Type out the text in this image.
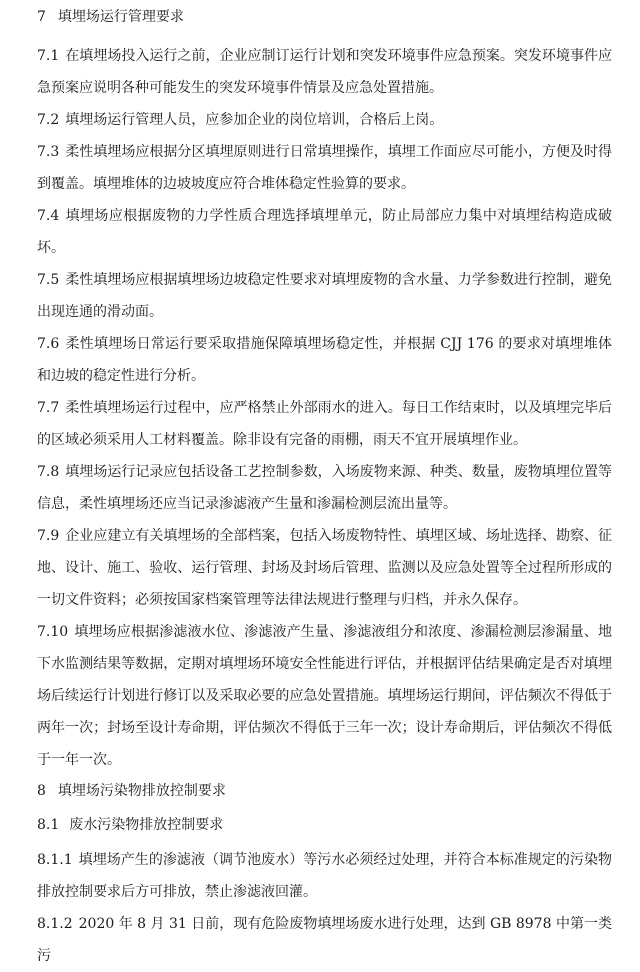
7 填埋场运行管理要求

7.1 在填埋场投入运行之前，企业应制订运行计划和突发环境事件应急预案。突发环境事件应急预案应说明各种可能发生的突发环境事件情景及应急处置措施。

7.2 填埋场运行管理人员，应参加企业的岗位培训，合格后上岗。

7.3 柔性填埋场应根据分区填埋原则进行日常填埋操作，填埋工作面应尽可能小，方便及时得到覆盖。填埋堆体的边坡坡度应符合堆体稳定性验算的要求。

7.4 填埋场应根据废物的力学性质合理选择填埋单元，防止局部应力集中对填埋结构造成破坏。

7.5 柔性填埋场应根据填埋场边坡稳定性要求对填埋废物的含水量、力学参数进行控制，避免出现连通的滑动面。

7.6 柔性填埋场日常运行要采取措施保障填埋场稳定性，并根据 CJJ 176 的要求对填埋堆体和边坡的稳定性进行分析。

7.7 柔性填埋场运行过程中，应严格禁止外部雨水的进入。每日工作结束时，以及填埋完毕后的区域必须采用人工材料覆盖。除非设有完备的雨棚，雨天不宜开展填埋作业。

7.8 填埋场运行记录应包括设备工艺控制参数，入场废物来源、种类、数量，废物填埋位置等信息，柔性填埋场还应当记录渗滤液产生量和渗漏检测层流出量等。

7.9 企业应建立有关填埋场的全部档案，包括入场废物特性、填埋区域、场址选择、勘察、征地、设计、施工、验收、运行管理、封场及封场后管理、监测以及应急处置等全过程所形成的一切文件资料；必须按国家档案管理等法律法规进行整理与归档，并永久保存。

7.10 填埋场应根据渗滤液水位、渗滤液产生量、渗滤液组分和浓度、渗漏检测层渗漏量、地下水监测结果等数据，定期对填埋场环境安全性能进行评估，并根据评估结果确定是否对填埋场后续运行计划进行修订以及采取必要的应急处置措施。填埋场运行期间，评估频次不得低于两年一次；封场至设计寿命期，评估频次不得低于三年一次；设计寿命期后，评估频次不得低于一年一次。

8 填埋场污染物排放控制要求
8.1 废水污染物排放控制要求

8.1.1 填埋场产生的渗滤液（调节池废水）等污水必须经过处理，并符合本标准规定的污染物排放控制要求后方可排放，禁止渗滤液回灌。

8.1.2 2020 年 8 月 31 日前，现有危险废物填埋场废水进行处理，达到 GB 8978 中第一类污
